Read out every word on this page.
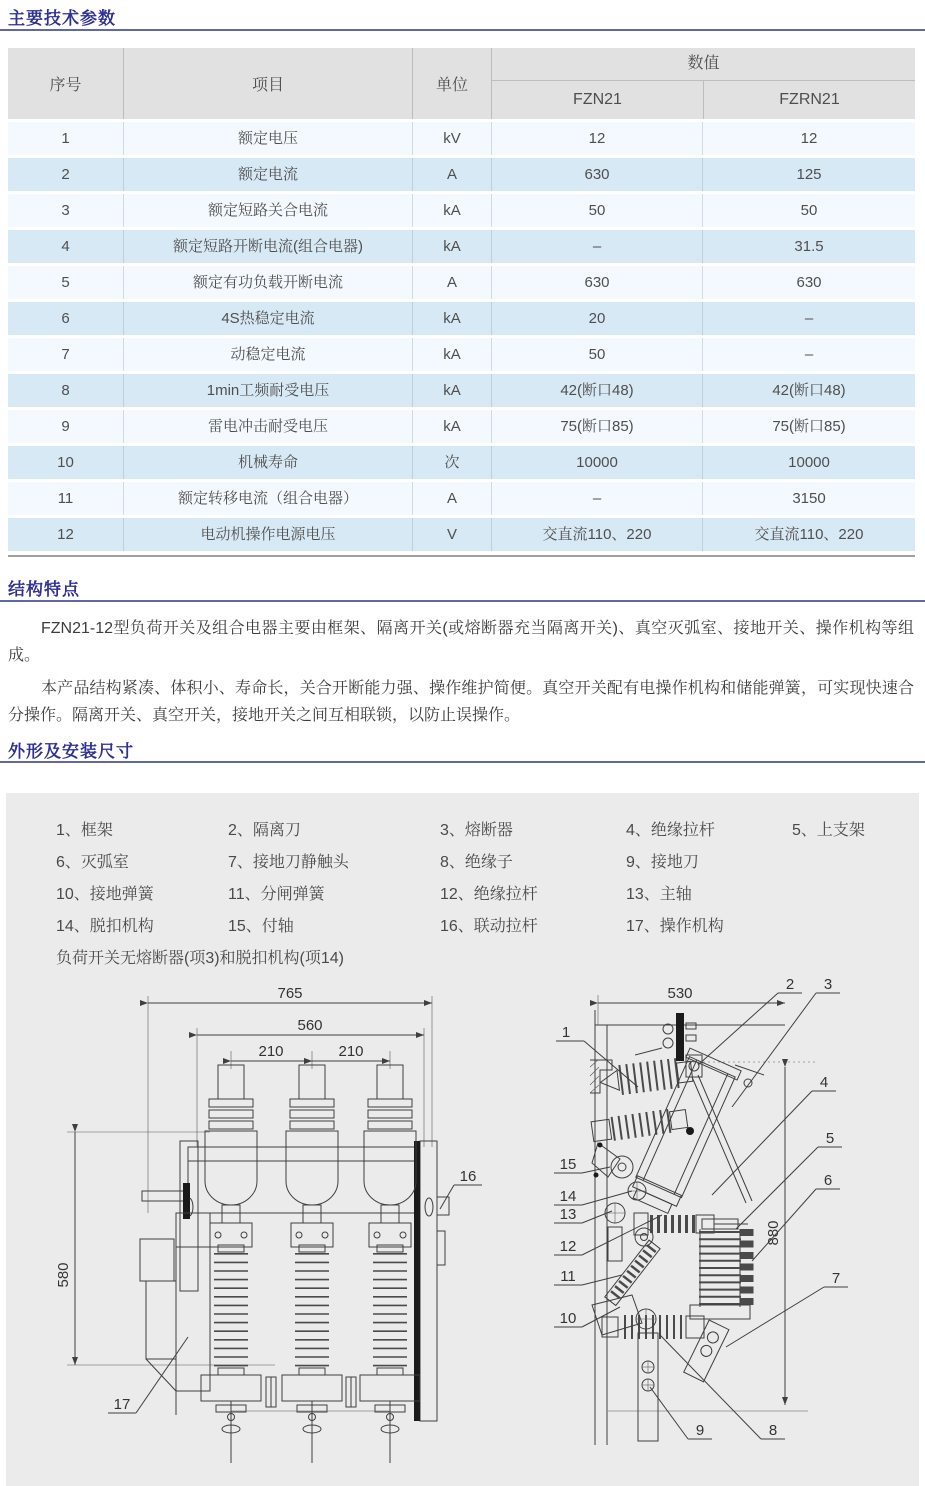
主要技术参数
序号	项目	单位
数值
FZN21	FZRN21
1	额定电压	kV	12	12
2	额定电流	A	630	125
3	额定短路关合电流	kA	50	50
4	额定短路开断电流(组合电器)	kA	–	31.5
5	额定有功负载开断电流	A	630	630
6	4S热稳定电流	kA	20	–
7	动稳定电流	kA	50	–
8	1min工频耐受电压	kA	42(断口48)	42(断口48)
9	雷电冲击耐受电压	kA	75(断口85)	75(断口85)
10	机械寿命	次	10000	10000
11	额定转移电流（组合电器）	A	–	3150
12	电动机操作电源电压	V	交直流110、220	交直流110、220
结构特点

FZN21-12型负荷开关及组合电器主要由框架、隔离开关(或熔断器充当隔离开关)、真空灭弧室、接地开关、操作机构等组成。

本产品结构紧凑、体积小、寿命长，关合开断能力强、操作维护简便。真空开关配有电操作机构和储能弹簧，可实现快速合分操作。隔离开关、真空开关，接地开关之间互相联锁，以防止误操作。

外形及安装尺寸
1、框架	2、隔离刀	3、熔断器	4、绝缘拉杆	5、上支架
6、灭弧室	7、接地刀静触头	8、绝缘子	9、接地刀
10、接地弹簧	11、分闸弹簧	12、绝缘拉杆	13、主轴
14、脱扣机构	15、付轴	16、联动拉杆	17、操作机构
负荷开关无熔断器(项3)和脱扣机构(项14)
765
560
210	210
580
16
17
530
880
1
2 3
4
5
6
7
8
9
10
11
12
13
14
15
